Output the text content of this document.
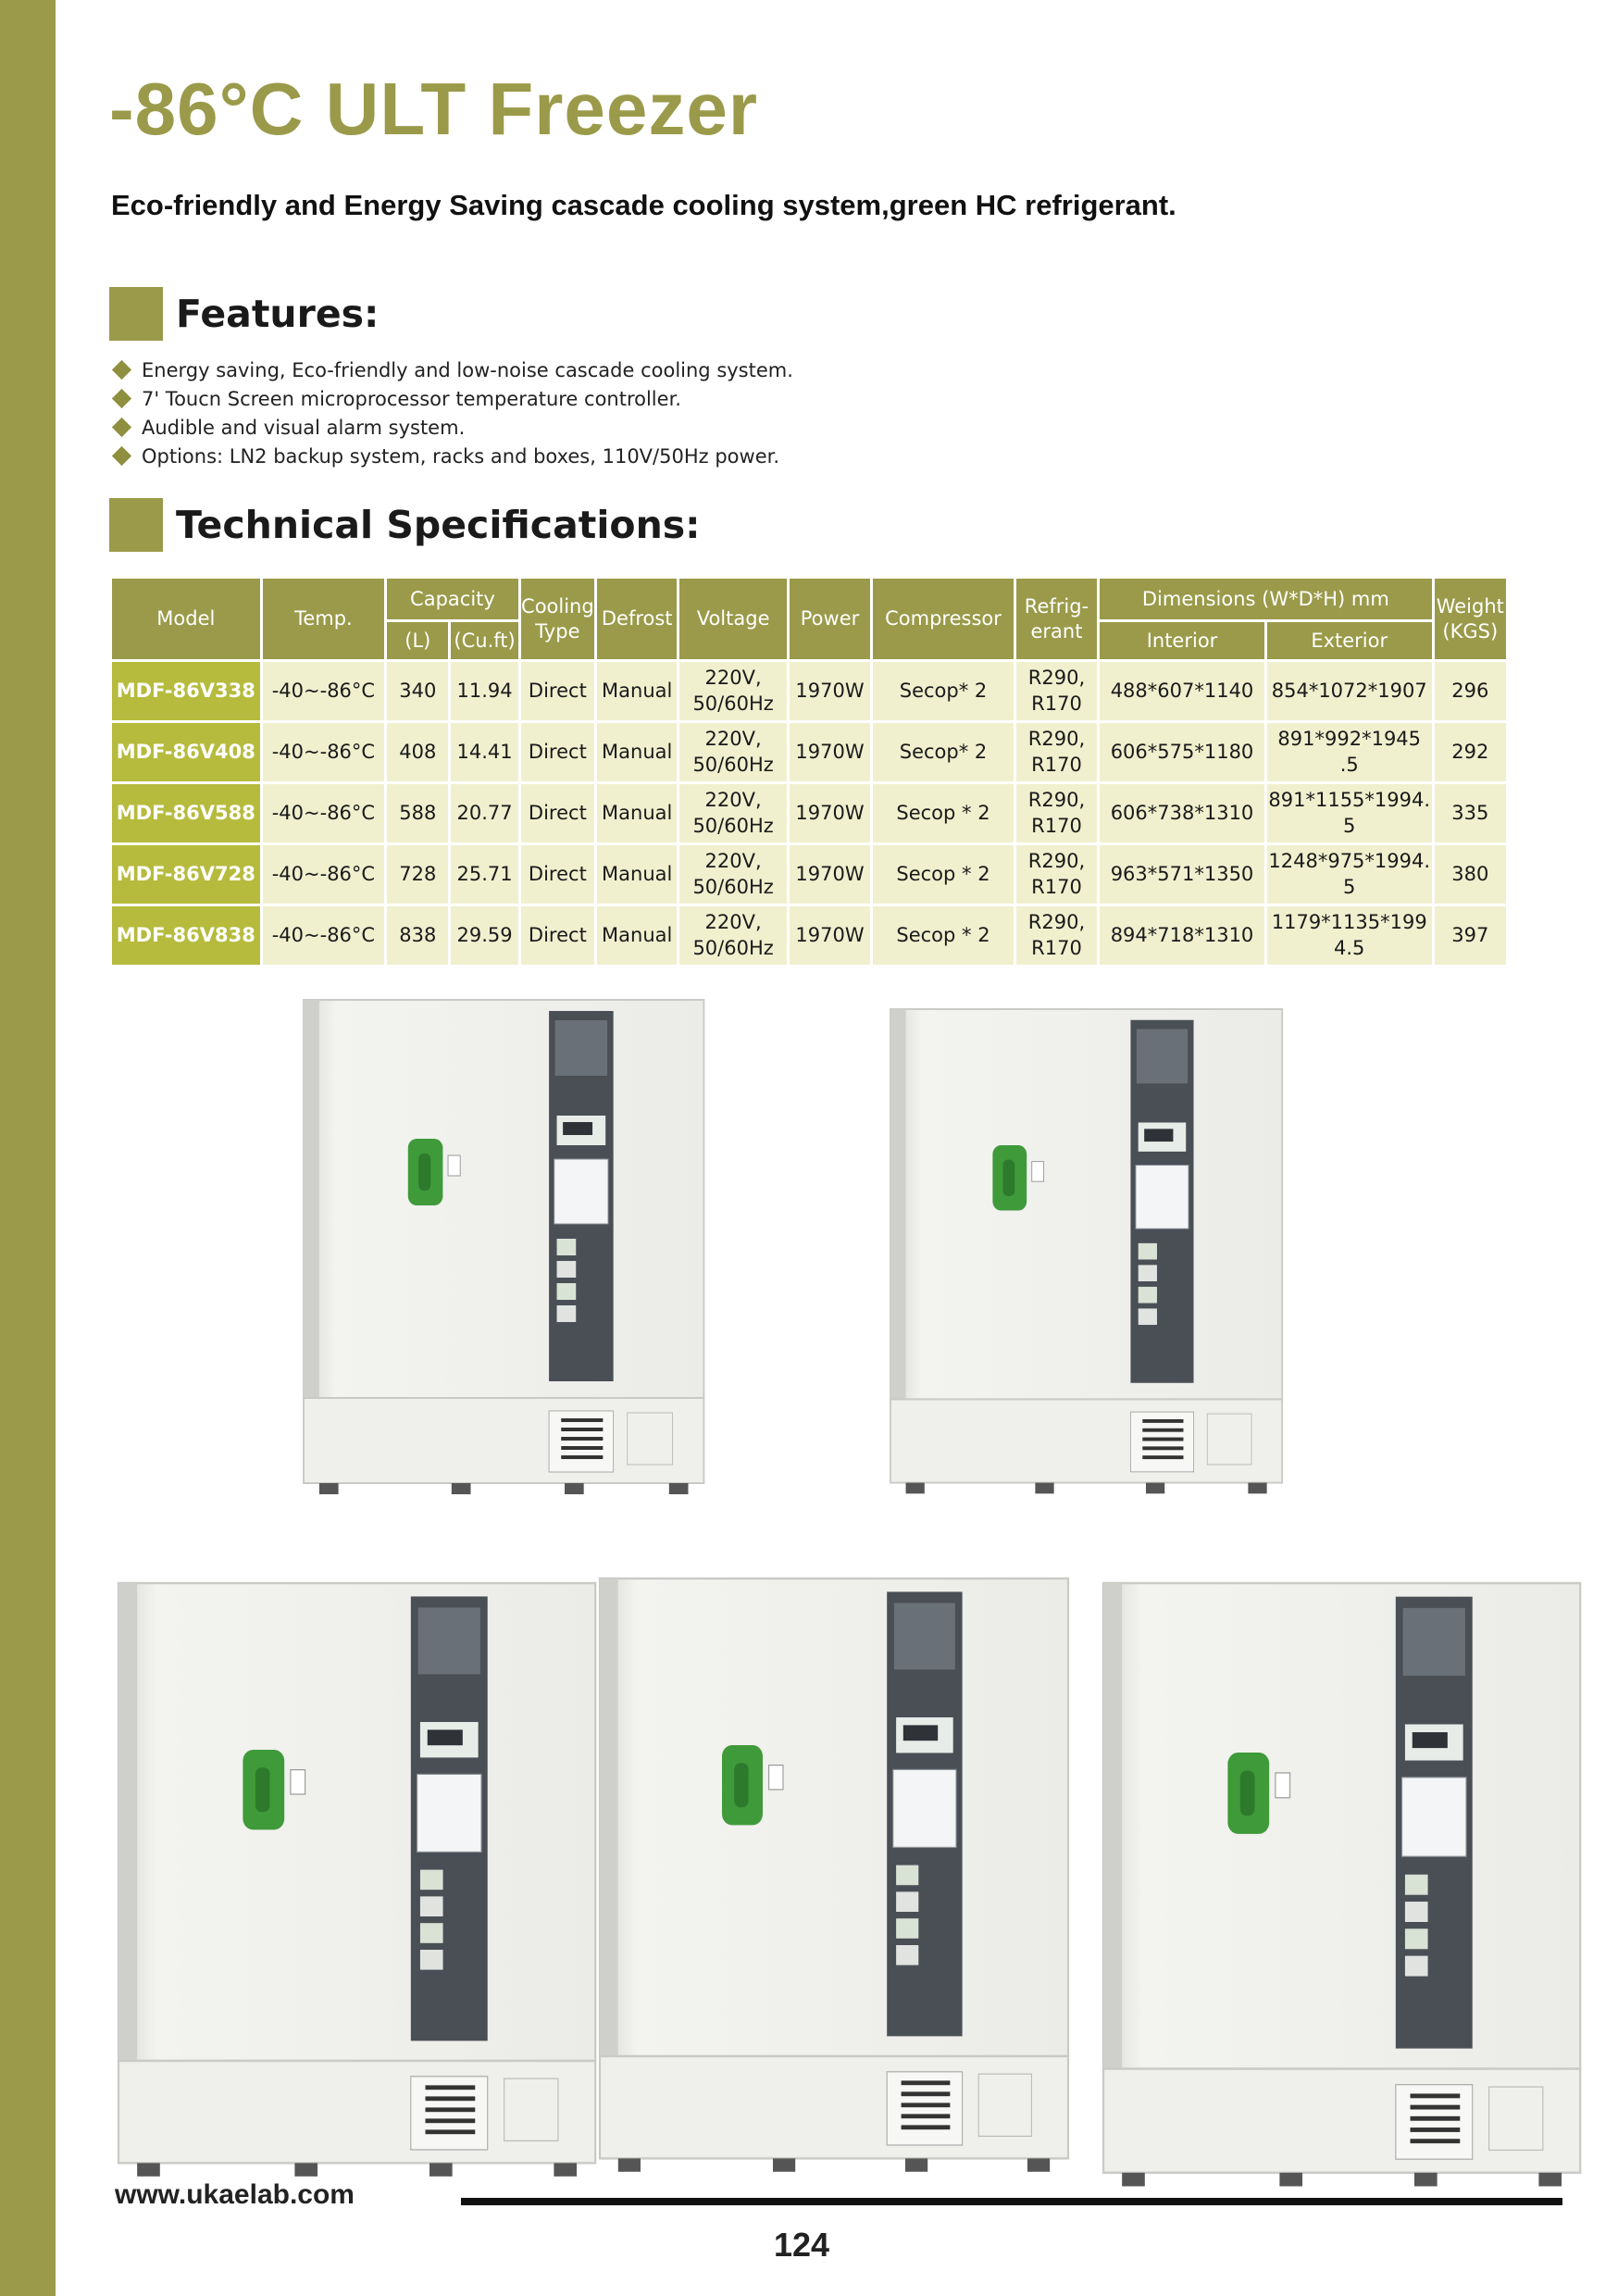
-86°C ULT Freezer

Eco-friendly and Energy Saving cascade cooling system,green HC refrigerant.

Features:
Energy saving, Eco-friendly and low-noise cascade cooling system.
7' Toucn Screen microprocessor temperature controller.
Audible and visual alarm system.
Options: LN2 backup system, racks and boxes, 110V/50Hz power.
Technical Specifications:
Model	Temp.	Capacity		Cooling Type	Defrost	Voltage	Power	Compressor	Refrig- erant	Dimensions (W*D*H) mm		Weight (KGS)
		(L)	(Cu.ft)							Interior	Exterior	
MDF-86V338	-40~-86°C	340	11.94	Direct	Manual	220V, 50/60Hz	1970W	Secop* 2	R290, R170	488*607*1140	854*1072*1907	296
MDF-86V408	-40~-86°C	408	14.41	Direct	Manual	220V, 50/60Hz	1970W	Secop* 2	R290, R170	606*575*1180	891*992*1945 .5	292
MDF-86V588	-40~-86°C	588	20.77	Direct	Manual	220V, 50/60Hz	1970W	Secop * 2	R290, R170	606*738*1310	891*1155*1994. 5	335
MDF-86V728	-40~-86°C	728	25.71	Direct	Manual	220V, 50/60Hz	1970W	Secop * 2	R290, R170	963*571*1350	1248*975*1994. 5	380
MDF-86V838	-40~-86°C	838	29.59	Direct	Manual	220V, 50/60Hz	1970W	Secop * 2	R290, R170	894*718*1310	1179*1135*199 4.5	397
www.ukaelab.com
124
